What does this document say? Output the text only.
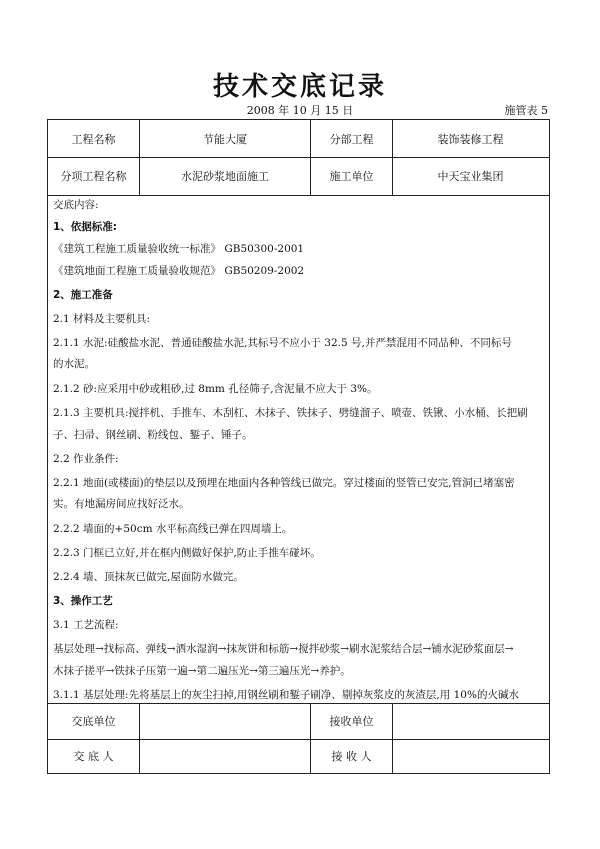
技术交底记录
2008 年 10 月 15 日	施管表 5
工程名称	节能大厦	分部工程	装饰装修工程
分项工程名称	水泥砂浆地面施工	施工单位	中天宝业集团
交底内容:
1、依据标准:
《建筑工程施工质量验收统一标准》 GB50300-2001
《建筑地面工程施工质量验收规范》 GB50209-2002
2、施工准备
2.1 材料及主要机具:
2.1.1 水泥:硅酸盐水泥、普通硅酸盐水泥,其标号不应小于 32.5 号,并严禁混用不同品种、不同标号
的水泥。
2.1.2 砂:应采用中砂或粗砂,过 8mm 孔径筛子,含泥量不应大于 3%。
2.1.3 主要机具:搅拌机、手推车、木刮杠、木抹子、铁抹子、劈缝溜子、喷壶、铁锹、小水桶、长把刷
子、扫帚、钢丝刷、粉线包、錾子、锤子。
2.2 作业条件:
2.2.1 地面(或楼面)的垫层以及预埋在地面内各种管线已做完。穿过楼面的竖管已安完,管洞已堵塞密
实。有地漏房间应找好泛水。
2.2.2 墙面的+50cm 水平标高线已弹在四周墙上。
2.2.3 门框已立好,并在框内侧做好保护,防止手推车碰坏。
2.2.4 墙、顶抹灰已做完,屋面防水做完。
3、操作工艺
3.1 工艺流程:
基层处理→找标高、弹线→洒水湿润→抹灰饼和标筋→搅拌砂浆→刷水泥浆结合层→铺水泥砂浆面层→
木抹子搓平→铁抹子压第一遍→第二遍压光→第三遍压光→养护。
3.1.1 基层处理:先将基层上的灰尘扫掉,用钢丝刷和錾子刷净、剔掉灰浆皮的灰渣层,用 10%的火碱水
交底单位	接收单位
交 底 人	接 收 人
